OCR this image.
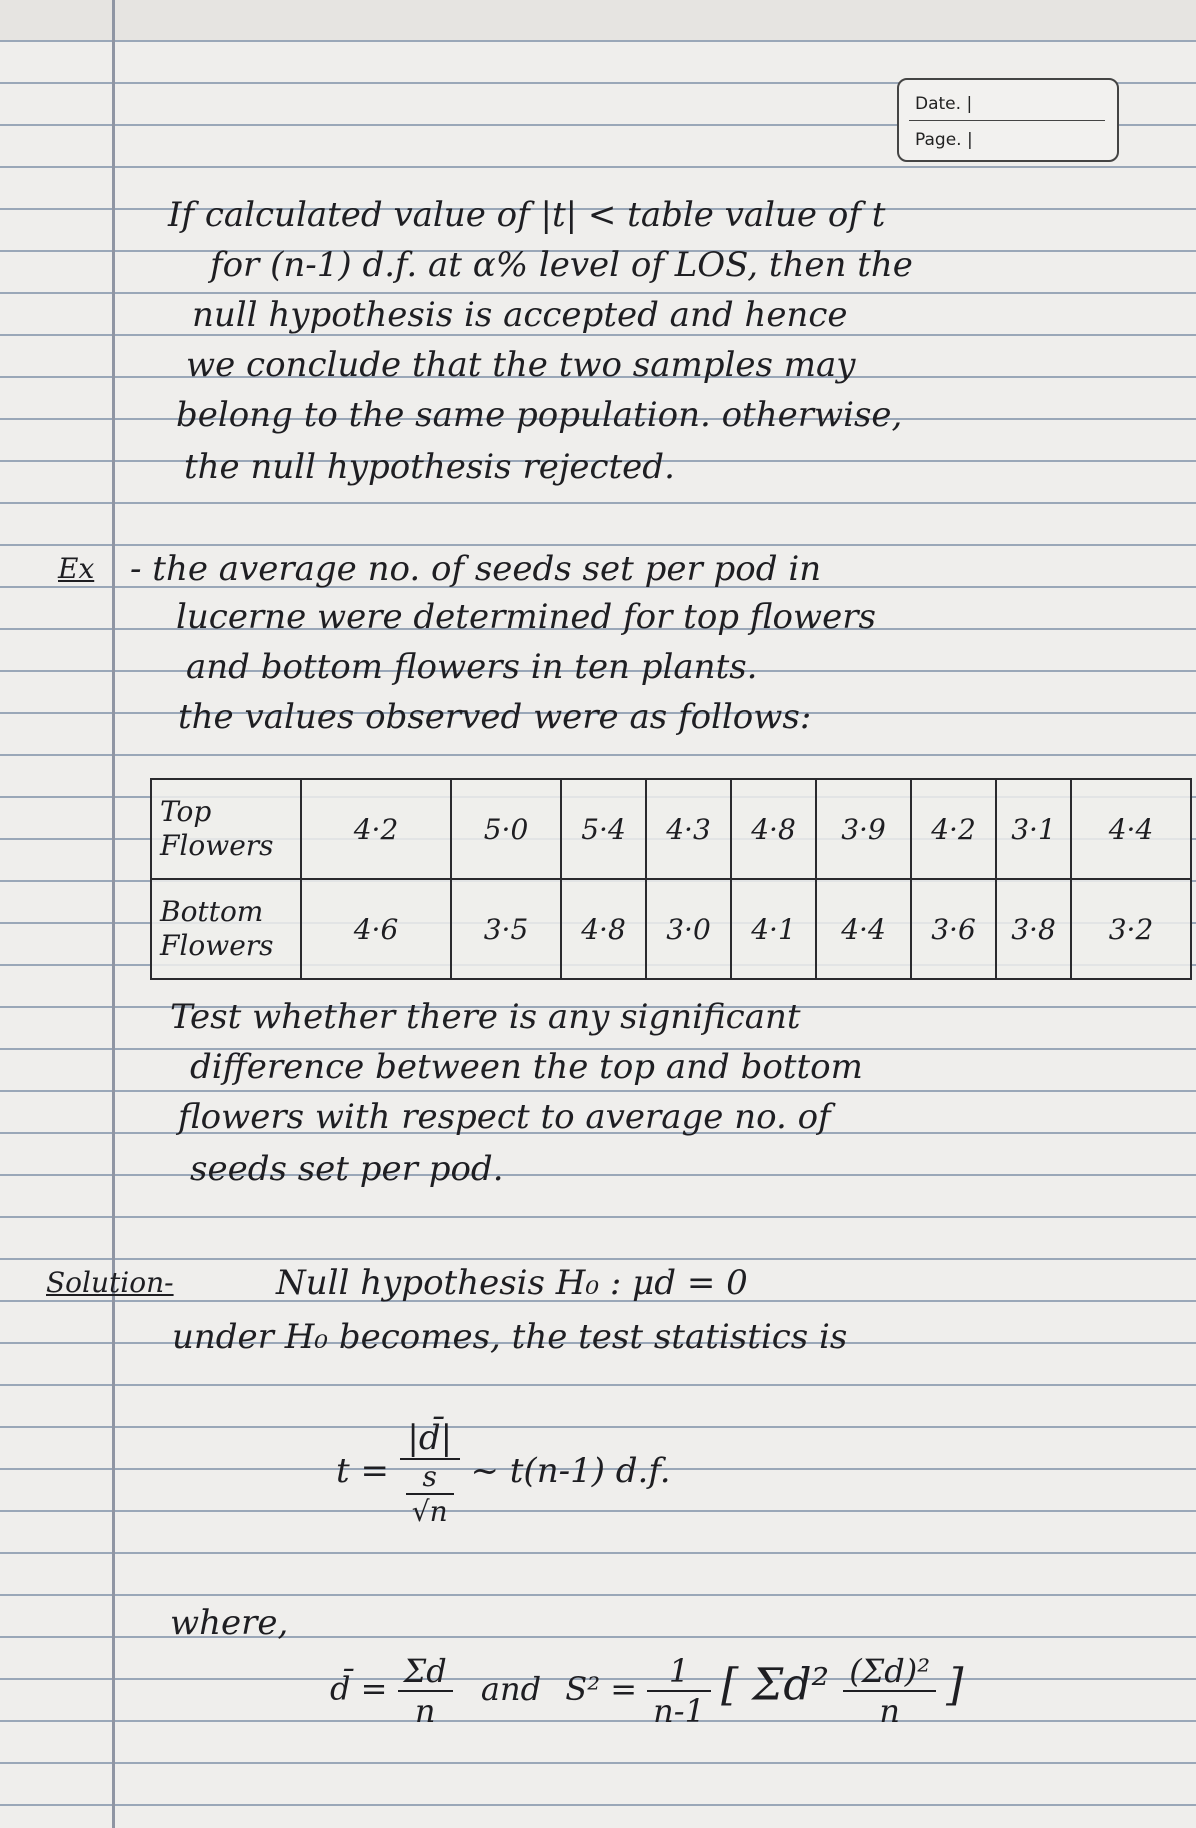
Date. |
Page. |
If calculated value of |t| < table value of t
for (n-1) d.f. at α% level of LOS, then the
null hypothesis is accepted and hence
we conclude that the two samples may
belong to the same population. otherwise,
the null hypothesis rejected.
Ex - the average no. of seeds set per pod in
lucerne were determined for top flowers
and bottom flowers in ten plants.
the values observed were as follows:
Top
Flowers	4·2	5·0	5·4	4·3	4·8	3·9	4·2	3·1	4·4
Bottom
Flowers	4·6	3·5	4·8	3·0	4·1	4·4	3·6	3·8	3·2
Test whether there is any significant
difference between the top and bottom
flowers with respect to average no. of
seeds set per pod.
Solution-	Null hypothesis H₀ : μd = 0
under H₀ becomes, the test statistics is
$t = \frac{|d̄|}{\frac{s}{√n}}$ ~ t(n-1) d.f.
where,
d̄ = $\frac{\Sigma d}{n}$ and $S^2 = \frac{1}{n-1}$ [ $\Sigma d^2 \frac{\text{(Σd)²}}{n}$ ]
